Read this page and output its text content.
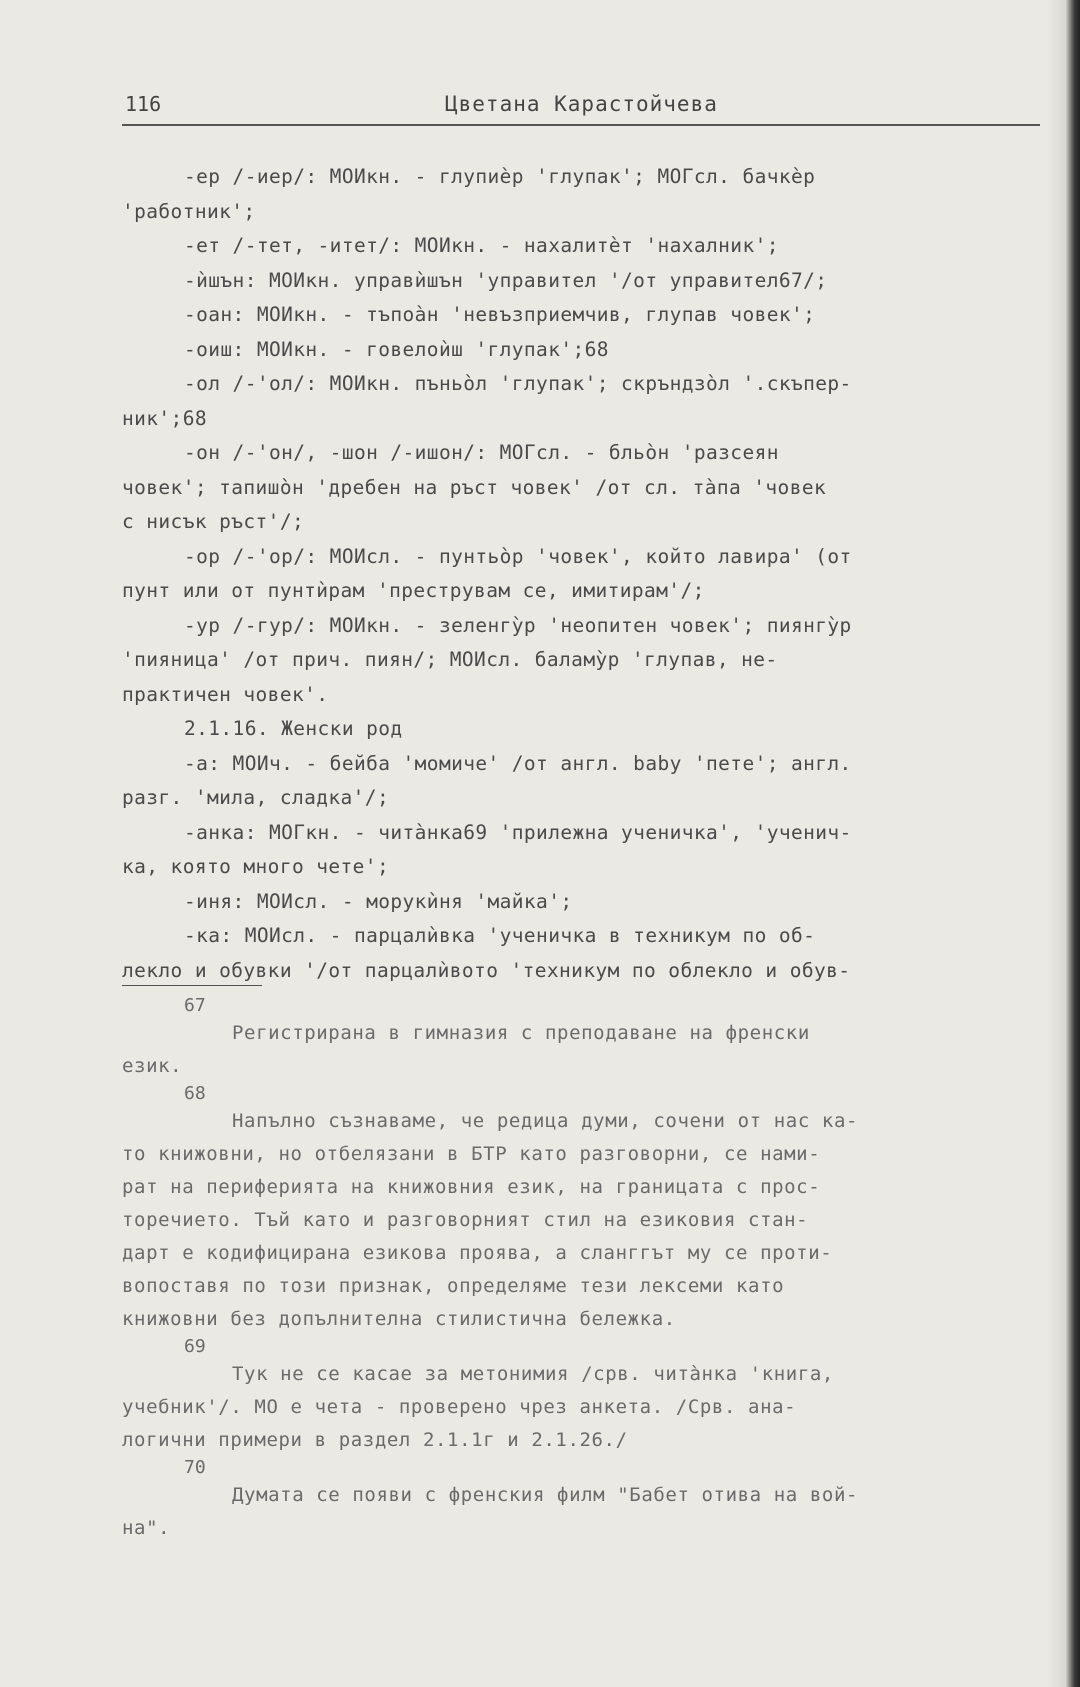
116	Цветана Карастойчева
-ер /-иер/: МОИкн. - глупиèр 'глупак'; МОГсл. бачкèр
'работник';
-ет /-тет, -итет/: МОИкн. - нахалитèт 'нахалник';
-ѝшън: МОИкн. управѝшън 'управител '/от управител67/;
-оан: МОИкн. - тъпоàн 'невъзприемчив, глупав човек';
-оиш: МОИкн. - говелоѝш 'глупак';68
-ол /-'ол/: МОИкн. пъньòл 'глупак'; скръндзòл '.скъпер-
ник';68
-он /-'он/, -шон /-ишон/: МОГсл. - бльòн 'разсеян
човек'; тапишòн 'дребен на ръст човек' /от сл. тàпа 'човек
с нисък ръст'/;
-ор /-'ор/: МОИсл. - пунтьòр 'човек', който лавира' (от
пунт или от пунтѝрам 'преструвам се, имитирам'/;
-ур /-гур/: МОИкн. - зеленгỳр 'неопитен човек'; пиянгỳр
'пияница' /от прич. пиян/; МОИсл. баламỳр 'глупав, не-
практичен човек'.
2.1.16. Женски род
-а: МОИч. - бейба 'момиче' /от англ. baby 'пете'; англ.
разг. 'мила, сладка'/;
-анка: МОГкн. - читàнка69 'прилежна ученичка', 'ученич-
ка, която много чете';
-иня: МОИсл. - морукѝня 'майка';
-ка: МОИсл. - парцалѝвка 'ученичка в техникум по об-
лекло и обувки '/от парцалѝвото 'техникум по облекло и обув-
67
Регистрирана в гимназия с преподаване на френски
език.
68
Напълно съзнаваме, че редица думи, сочени от нас ка-
то книжовни, но отбелязани в БТР като разговорни, се нами-
рат на периферията на книжовния език, на границата с прос-
торечието. Тъй като и разговорният стил на езиковия стан-
дарт е кодифицирана езикова проява, а сланггът му се проти-
вопоставя по този признак, определяме тези лексеми като
книжовни без допълнителна стилистична бележка.
69
Тук не се касае за метонимия /срв. читàнка 'книга,
учебник'/. МО е чета - проверено чрез анкета. /Срв. ана-
логични примери в раздел 2.1.1г и 2.1.26./
70
Думата се появи с френския филм "Бабет отива на вой-
на".
